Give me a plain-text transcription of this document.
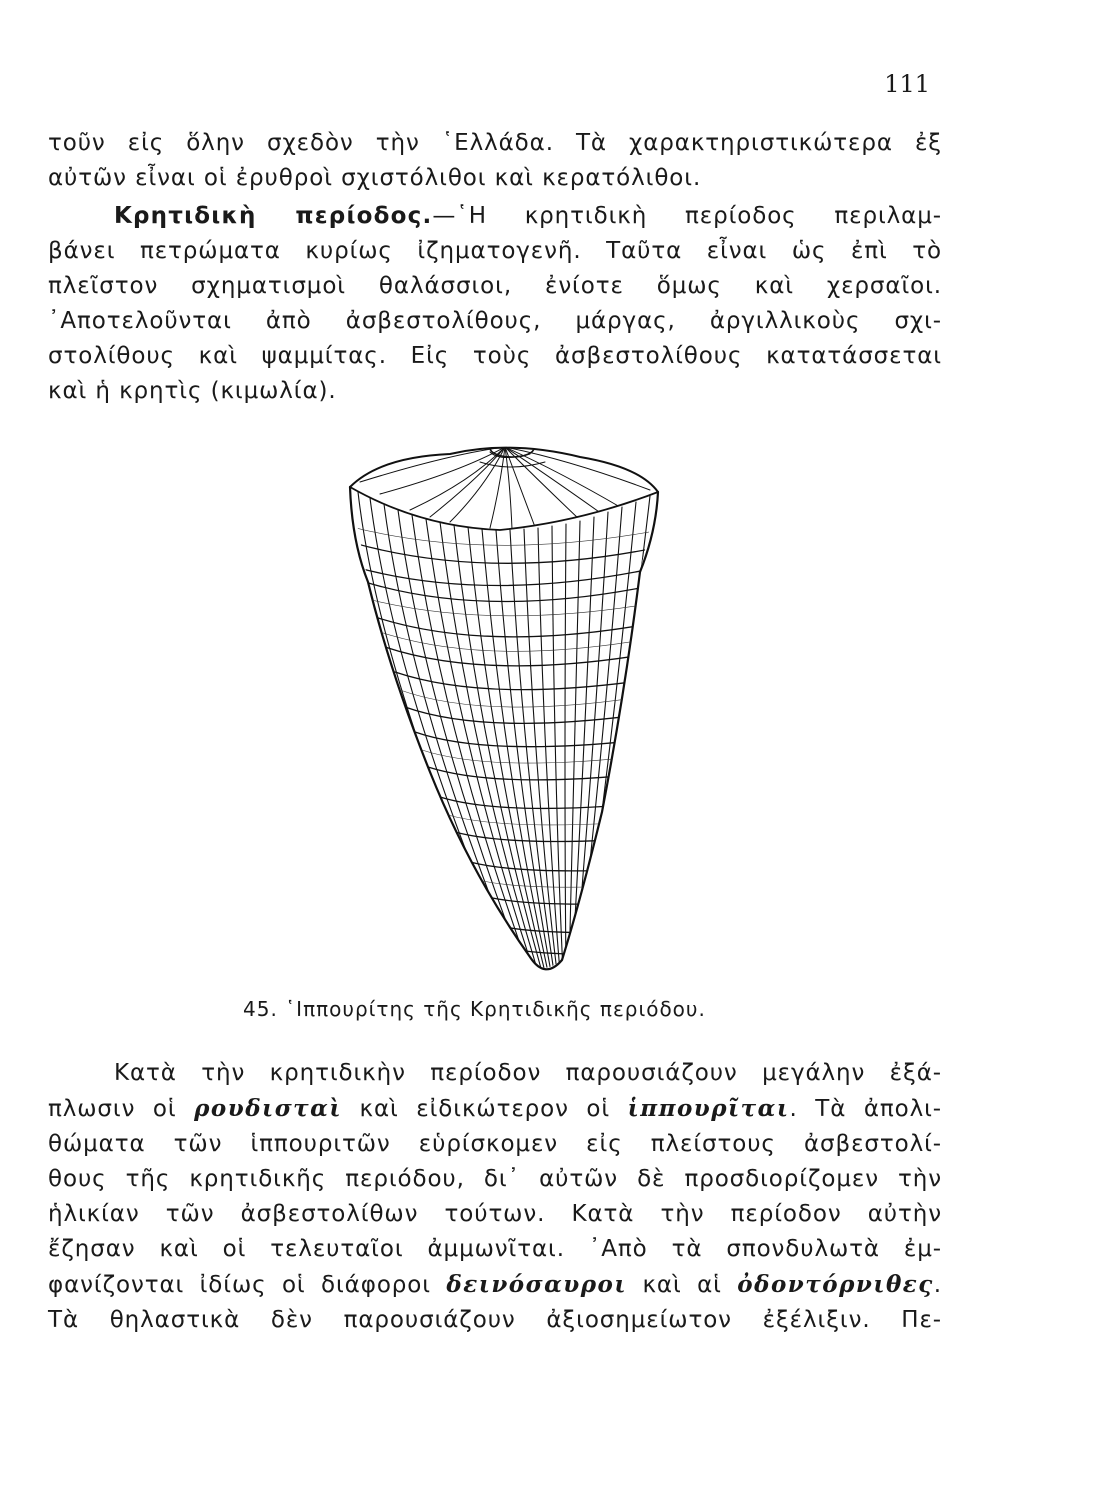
111
τοῦν εἰς ὅλην σχεδὸν τὴν ῾Ελλάδα. Τὰ χαρακτηριστικώτερα ἐξ
αὐτῶν εἶναι οἱ ἐρυθροὶ σχιστόλιθοι καὶ κερατόλιθοι.
Κρητιδικὴ περίοδος.—῾Η κρητιδικὴ περίοδος περιλαμ-
βάνει πετρώματα κυρίως ἰζηματογενῆ. Ταῦτα εἶναι ὡς ἐπὶ τὸ
πλεῖστον σχηματισμοὶ θαλάσσιοι, ἐνίοτε ὅμως καὶ χερσαῖοι.
᾿Αποτελοῦνται ἀπὸ ἀσβεστολίθους, μάργας, ἀργιλλικοὺς σχι-
στολίθους καὶ ψαμμίτας. Εἰς τοὺς ἀσβεστολίθους κατατάσσεται
καὶ ἡ κρητὶς (κιμωλία).
45. ῾Ιππουρίτης τῆς Κρητιδικῆς περιόδου.
Κατὰ τὴν κρητιδικὴν περίοδον παρουσιάζουν μεγάλην ἐξά-
πλωσιν οἱ ρουδισταὶ καὶ εἰδικώτερον οἱ ἱππουρῖται. Τὰ ἀπολι-
θώματα τῶν ἱππουριτῶν εὑρίσκομεν εἰς πλείστους ἀσβεστολί-
θους τῆς κρητιδικῆς περιόδου, δι᾿ αὐτῶν δὲ προσδιορίζομεν τὴν
ἡλικίαν τῶν ἀσβεστολίθων τούτων. Κατὰ τὴν περίοδον αὐτὴν
ἔζησαν καὶ οἱ τελευταῖοι ἀμμωνῖται. ᾿Απὸ τὰ σπονδυλωτὰ ἐμ-
φανίζονται ἰδίως οἱ διάφοροι δεινόσαυροι καὶ αἱ ὀδοντόρνιθες.
Τὰ θηλαστικὰ δὲν παρουσιάζουν ἀξιοσημείωτον ἐξέλιξιν. Πε-
